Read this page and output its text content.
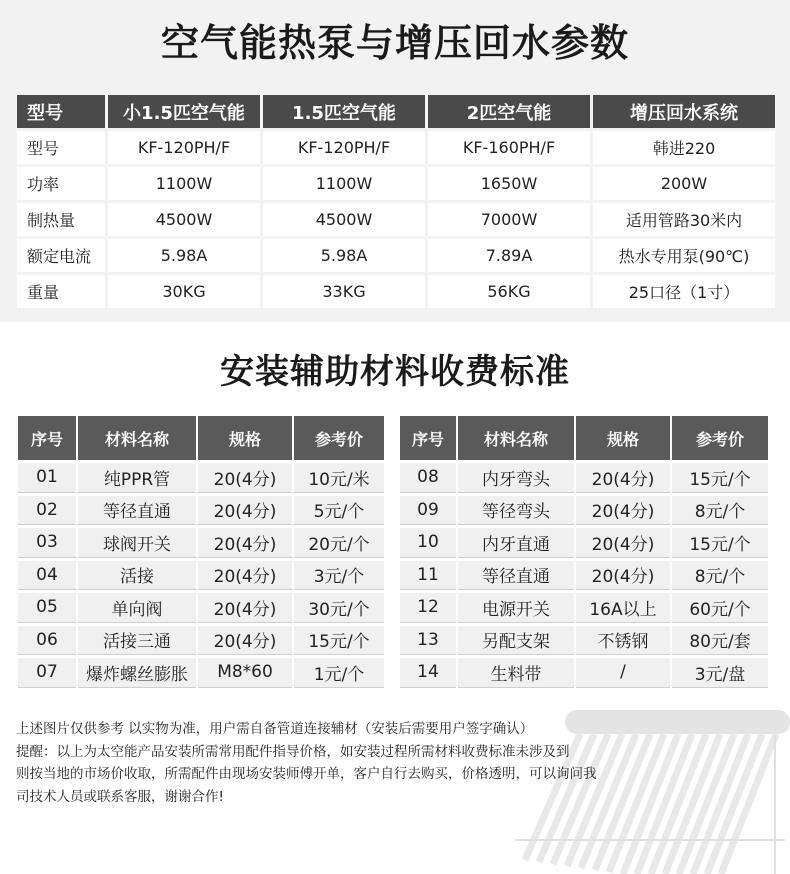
空气能热泵与增压回水参数
型号	小1.5匹空气能	1.5匹空气能	2匹空气能	增压回水系统
型号	KF-120PH/F	KF-120PH/F	KF-160PH/F	韩进220
功率	1100W	1100W	1650W	200W
制热量	4500W	4500W	7000W	适用管路30米内
额定电流	5.98A	5.98A	7.89A	热水专用泵(90℃)
重量	30KG	33KG	56KG	25口径（1寸）
安装辅助材料收费标准
序号	材料名称	规格	参考价
01	纯PPR管	20(4分)	10元/米
02	等径直通	20(4分)	5元/个
03	球阀开关	20(4分)	20元/个
04	活接	20(4分)	3元/个
05	单向阀	20(4分)	30元/个
06	活接三通	20(4分)	15元/个
07	爆炸螺丝膨胀	M8*60	1元/个
序号	材料名称	规格	参考价
08	内牙弯头	20(4分)	15元/个
09	等径弯头	20(4分)	8元/个
10	内牙直通	20(4分)	15元/个
11	等径直通	20(4分)	8元/个
12	电源开关	16A以上	60元/个
13	另配支架	不锈钢	80元/套
14	生料带	/	3元/盘

上述图片仅供参考 以实物为准，用户需自备管道连接辅材（安装后需要用户签字确认）

提醒：以上为太空能产品安装所需常用配件指导价格，如安装过程所需材料收费标准未涉及到

则按当地的市场价收取，所需配件由现场安装师傅开单，客户自行去购买，价格透明，可以询问我

司技术人员或联系客服，谢谢合作!
